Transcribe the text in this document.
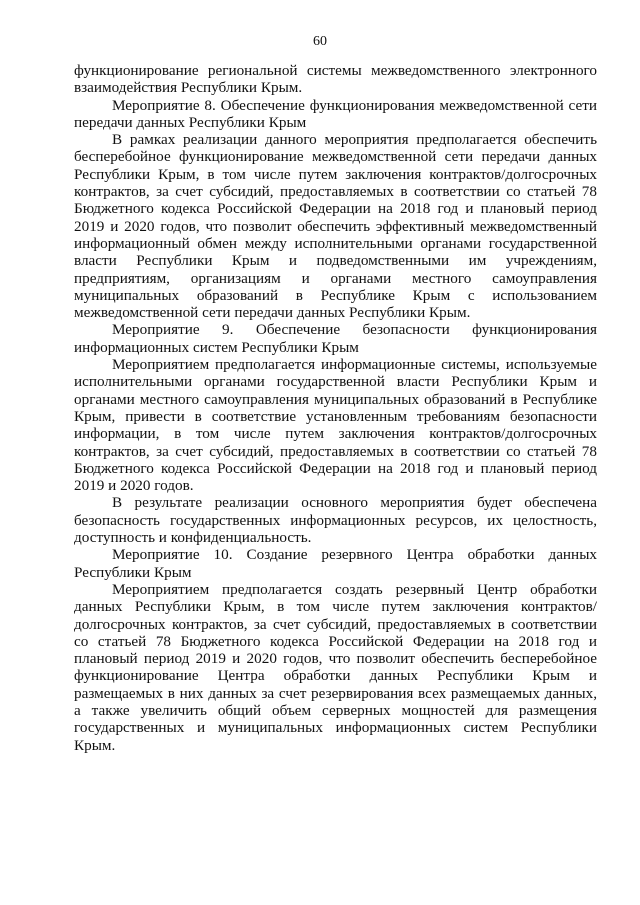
60

функционирование региональной системы межведомственного электронного взаимодействия Республики Крым.

Мероприятие 8. Обеспечение функционирования межведомственной сети передачи данных Республики Крым

В рамках реализации данного мероприятия предполагается обеспечить бесперебойное функционирование межведомственной сети передачи данных Республики Крым, в том числе путем заключения контрактов/долгосрочных контрактов, за счет субсидий, предоставляемых в соответствии со статьей 78 Бюджетного кодекса Российской Федерации на 2018 год и плановый период 2019 и 2020 годов, что позволит обеспечить эффективный межведомственный информационный обмен между исполнительными органами государственной власти Республики Крым и подведомственными им учреждениям, предприятиям, организациям и органами местного самоуправления муниципальных образований в Республике Крым с использованием межведомственной сети передачи данных Республики Крым.

Мероприятие 9. Обеспечение безопасности функционирования информационных систем Республики Крым

Мероприятием предполагается информационные системы, используемые исполнительными органами государственной власти Республики Крым и органами местного самоуправления муниципальных образований в Республике Крым, привести в соответствие установленным требованиям безопасности информации, в том числе путем заключения контрактов/долгосрочных контрактов, за счет субсидий, предоставляемых в соответствии со статьей 78 Бюджетного кодекса Российской Федерации на 2018 год и плановый период 2019 и 2020 годов.

В результате реализации основного мероприятия будет обеспечена безопасность государственных информационных ресурсов, их целостность, доступность и конфиденциальность.

Мероприятие 10. Создание резервного Центра обработки данных Республики Крым

Мероприятием предполагается создать резервный Центр обработки данных Республики Крым, в том числе путем заключения контрактов/долгосрочных контрактов, за счет субсидий, предоставляемых в соответствии со статьей 78 Бюджетного кодекса Российской Федерации на 2018 год и плановый период 2019 и 2020 годов, что позволит обеспечить бесперебойное функционирование Центра обработки данных Республики Крым и размещаемых в них данных за счет резервирования всех размещаемых данных, а также увеличить общий объем серверных мощностей для размещения государственных и муниципальных информационных систем Республики Крым.
